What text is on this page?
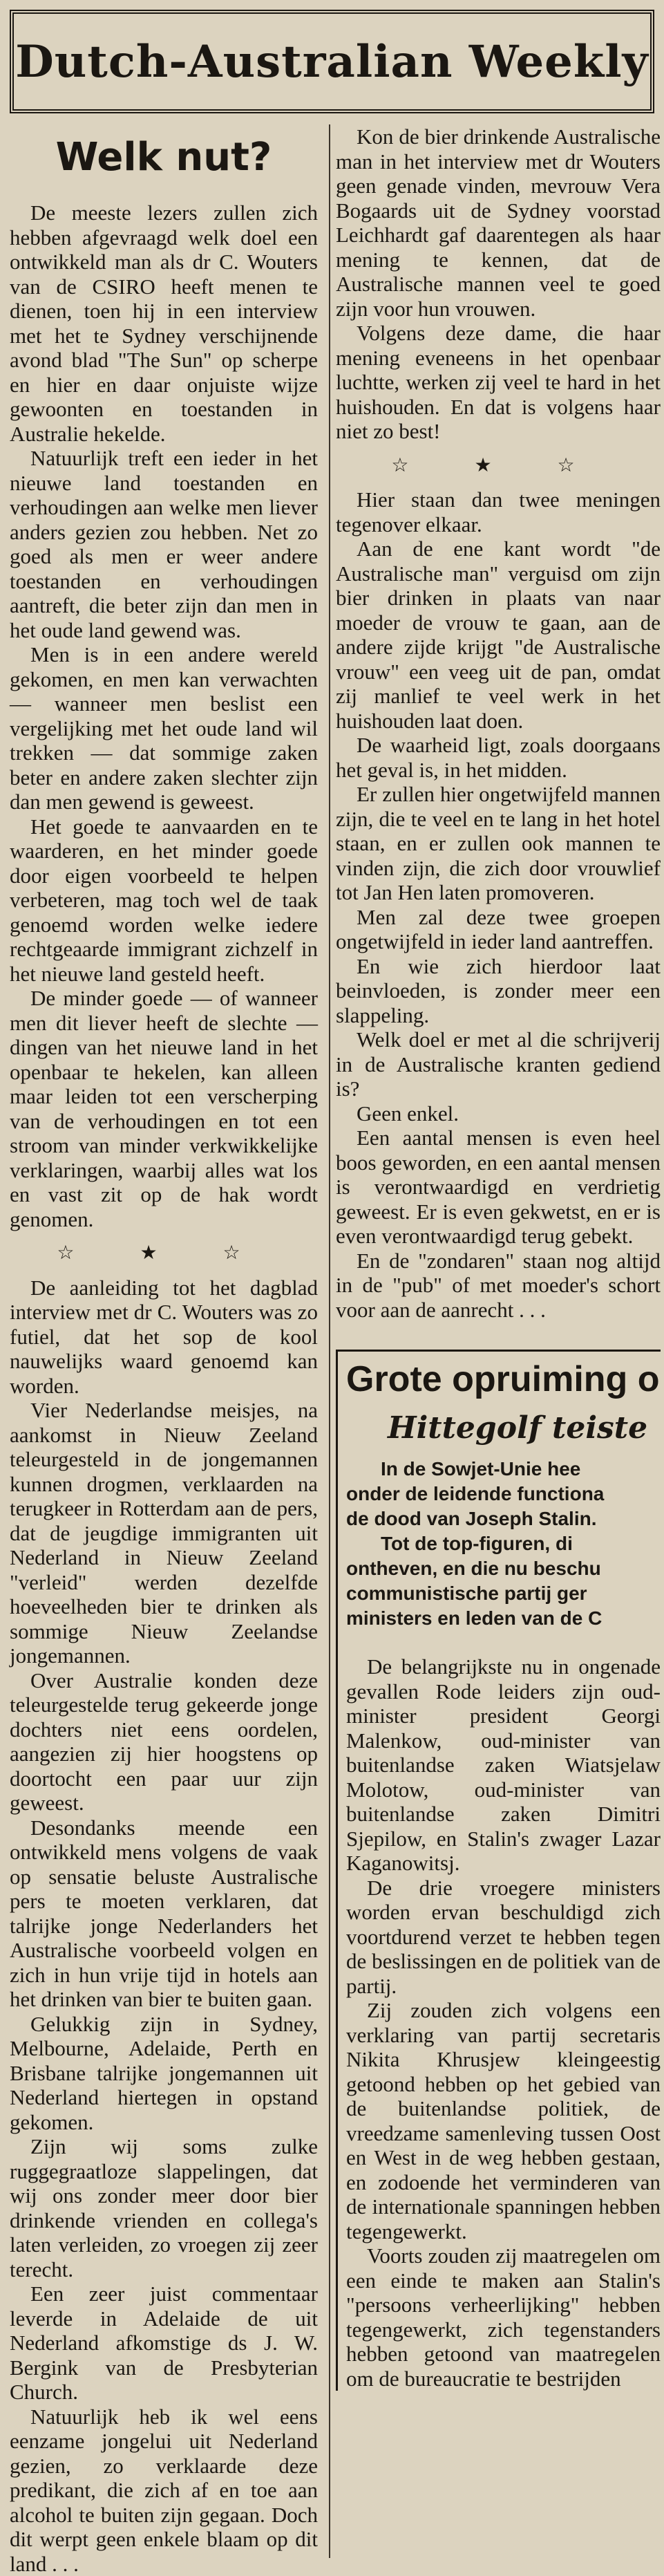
Dutch-Australian Weekly
Welk nut?

De meeste lezers zullen zich hebben afgevraagd welk doel een ontwikkeld man als dr C. Wouters van de CSIRO heeft menen te dienen, toen hij in een interview met het te Sydney verschijnende avond blad "The Sun" op scherpe en hier en daar onjuiste wijze gewoonten en toestanden in Australie hekelde.

Natuurlijk treft een ieder in het nieuwe land toestanden en verhoudingen aan welke men liever anders gezien zou hebben. Net zo goed als men er weer andere toestanden en verhoudingen aantreft, die beter zijn dan men in het oude land gewend was.

Men is in een andere wereld gekomen, en men kan verwachten — wanneer men beslist een vergelijking met het oude land wil trekken — dat sommige zaken beter en andere zaken slechter zijn dan men gewend is geweest.

Het goede te aanvaarden en te waarderen, en het minder goede door eigen voorbeeld te helpen verbeteren, mag toch wel de taak genoemd worden welke iedere rechtgeaarde immigrant zichzelf in het nieuwe land gesteld heeft.

De minder goede — of wanneer men dit liever heeft de slechte — dingen van het nieuwe land in het openbaar te hekelen, kan alleen maar leiden tot een verscherping van de verhoudingen en tot een stroom van minder verkwikkelijke verklaringen, waarbij alles wat los en vast zit op de hak wordt genomen.

☆ ★ ☆

De aanleiding tot het dagblad interview met dr C. Wouters was zo futiel, dat het sop de kool nauwelijks waard genoemd kan worden.

Vier Nederlandse meisjes, na aankomst in Nieuw Zeeland teleurgesteld in de jongemannen kunnen drogmen, verklaarden na terugkeer in Rotterdam aan de pers, dat de jeugdige immigranten uit Nederland in Nieuw Zeeland "verleid" werden dezelfde hoeveelheden bier te drinken als sommige Nieuw Zeelandse jongemannen.

Over Australie konden deze teleurgestelde terug gekeerde jonge dochters niet eens oordelen, aangezien zij hier hoogstens op doortocht een paar uur zijn geweest.

Desondanks meende een ontwikkeld mens volgens de vaak op sensatie beluste Australische pers te moeten verklaren, dat talrijke jonge Nederlanders het Australische voorbeeld volgen en zich in hun vrije tijd in hotels aan het drinken van bier te buiten gaan.

Gelukkig zijn in Sydney, Melbourne, Adelaide, Perth en Brisbane talrijke jongemannen uit Nederland hiertegen in opstand gekomen.

Zijn wij soms zulke ruggegraatloze slappelingen, dat wij ons zonder meer door bier drinkende vrienden en collega's laten verleiden, zo vroegen zij zeer terecht.

Een zeer juist commentaar leverde in Adelaide de uit Nederland afkomstige ds J. W. Bergink van de Presbyterian Church.

Natuurlijk heb ik wel eens eenzame jongelui uit Nederland gezien, zo verklaarde deze predikant, die zich af en toe aan alcohol te buiten zijn gegaan. Doch dit werpt geen enkele blaam op dit land . . .

Kon de bier drinkende Australische man in het interview met dr Wouters geen genade vinden, mevrouw Vera Bogaards uit de Sydney voorstad Leichhardt gaf daarentegen als haar mening te kennen, dat de Australische mannen veel te goed zijn voor hun vrouwen.

Volgens deze dame, die haar mening eveneens in het openbaar luchtte, werken zij veel te hard in het huishouden. En dat is volgens haar niet zo best!

☆ ★ ☆

Hier staan dan twee meningen tegenover elkaar.

Aan de ene kant wordt "de Australische man" verguisd om zijn bier drinken in plaats van naar moeder de vrouw te gaan, aan de andere zijde krijgt "de Australische vrouw" een veeg uit de pan, omdat zij manlief te veel werk in het huishouden laat doen.

De waarheid ligt, zoals doorgaans het geval is, in het midden.

Er zullen hier ongetwijfeld mannen zijn, die te veel en te lang in het hotel staan, en er zullen ook mannen te vinden zijn, die zich door vrouwlief tot Jan Hen laten promoveren.

Men zal deze twee groepen ongetwijfeld in ieder land aantreffen.

En wie zich hierdoor laat beinvloeden, is zonder meer een slappeling.

Welk doel er met al die schrijverij in de Australische kranten gediend is?

Geen enkel.

Een aantal mensen is even heel boos geworden, en een aantal mensen is verontwaardigd en verdrietig geweest. Er is even gekwetst, en er is even verontwaardigd terug gebekt.

En de "zondaren" staan nog altijd in de "pub" of met moeder's schort voor aan de aanrecht . . .

Grote opruiming o
Hittegolf teiste

In de Sowjet-Unie hee

onder de leidende functiona

de dood van Joseph Stalin.

Tot de top-figuren, di

ontheven, en die nu beschu

communistische partij ger

ministers en leden van de C

De belangrijkste nu in ongenade gevallen Rode leiders zijn oud-minister president Georgi Malenkow, oud-minister van buitenlandse zaken Wiatsjelaw Molotow, oud-minister van buitenlandse zaken Dimitri Sjepilow, en Stalin's zwager Lazar Kaganowitsj.

De drie vroegere ministers worden ervan beschuldigd zich voortdurend verzet te hebben tegen de beslissingen en de politiek van de partij.

Zij zouden zich volgens een verklaring van partij secretaris Nikita Khrusjew kleingeestig getoond hebben op het gebied van de buitenlandse politiek, de vreedzame samenleving tussen Oost en West in de weg hebben gestaan, en zodoende het verminderen van de internationale spanningen hebben tegengewerkt.

Voorts zouden zij maatregelen om een einde te maken aan Stalin's "persoons verheerlijking" hebben tegengewerkt, zich tegenstanders hebben getoond van maatregelen om de bureaucratie te bestrijden
